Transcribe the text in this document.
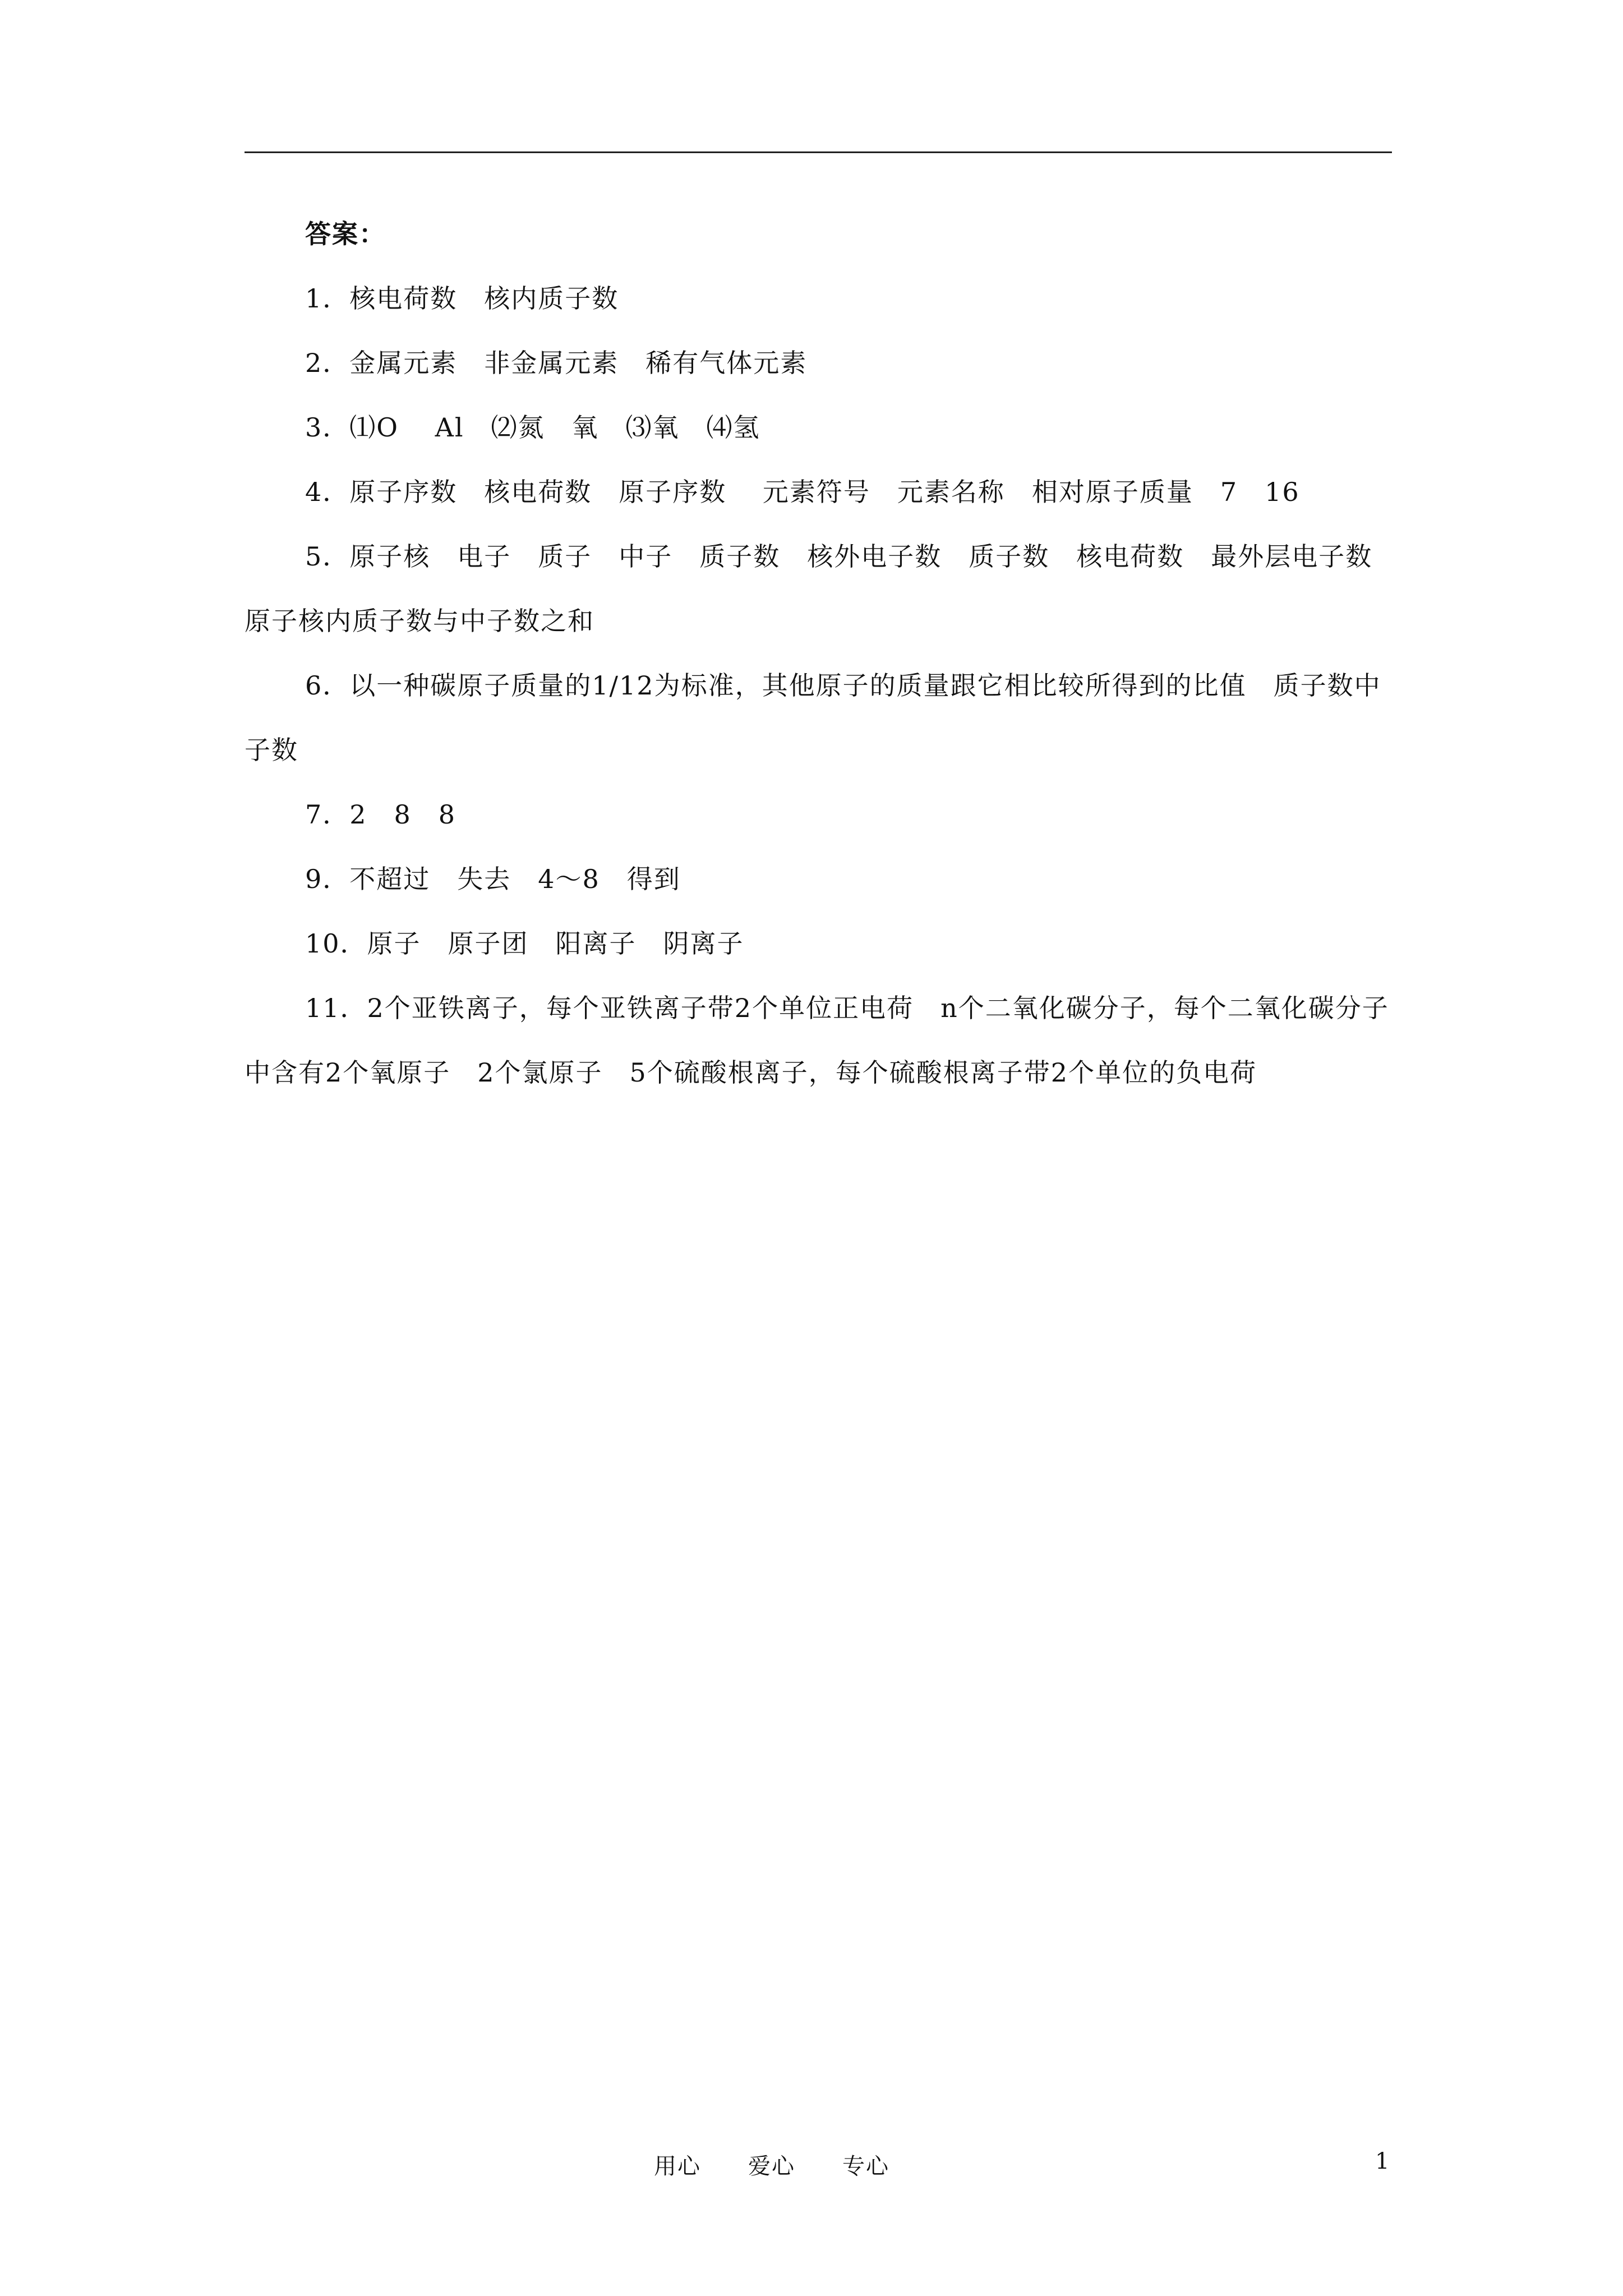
答案：

1．核电荷数　核内质子数

2．金属元素　非金属元素　稀有气体元素

3．⑴O　 Al　⑵氮　氧　⑶氧　⑷氢

4．原子序数　核电荷数　原子序数　 元素符号　元素名称　相对原子质量　7　16

5．原子核　电子　质子　中子　质子数　核外电子数　质子数　核电荷数　最外层电子数　原子核内质子数与中子数之和

6．以一种碳原子质量的1/12为标准，其他原子的质量跟它相比较所得到的比值　质子数中子数

7．2　8　8

9．不超过　失去　4～8　得到

10．原子　原子团　阳离子　阴离子

11．2个亚铁离子，每个亚铁离子带2个单位正电荷　n个二氧化碳分子，每个二氧化碳分子中含有2个氧原子　2个氯原子　5个硫酸根离子，每个硫酸根离子带2个单位的负电荷

用心　　爱心　　专心	1
